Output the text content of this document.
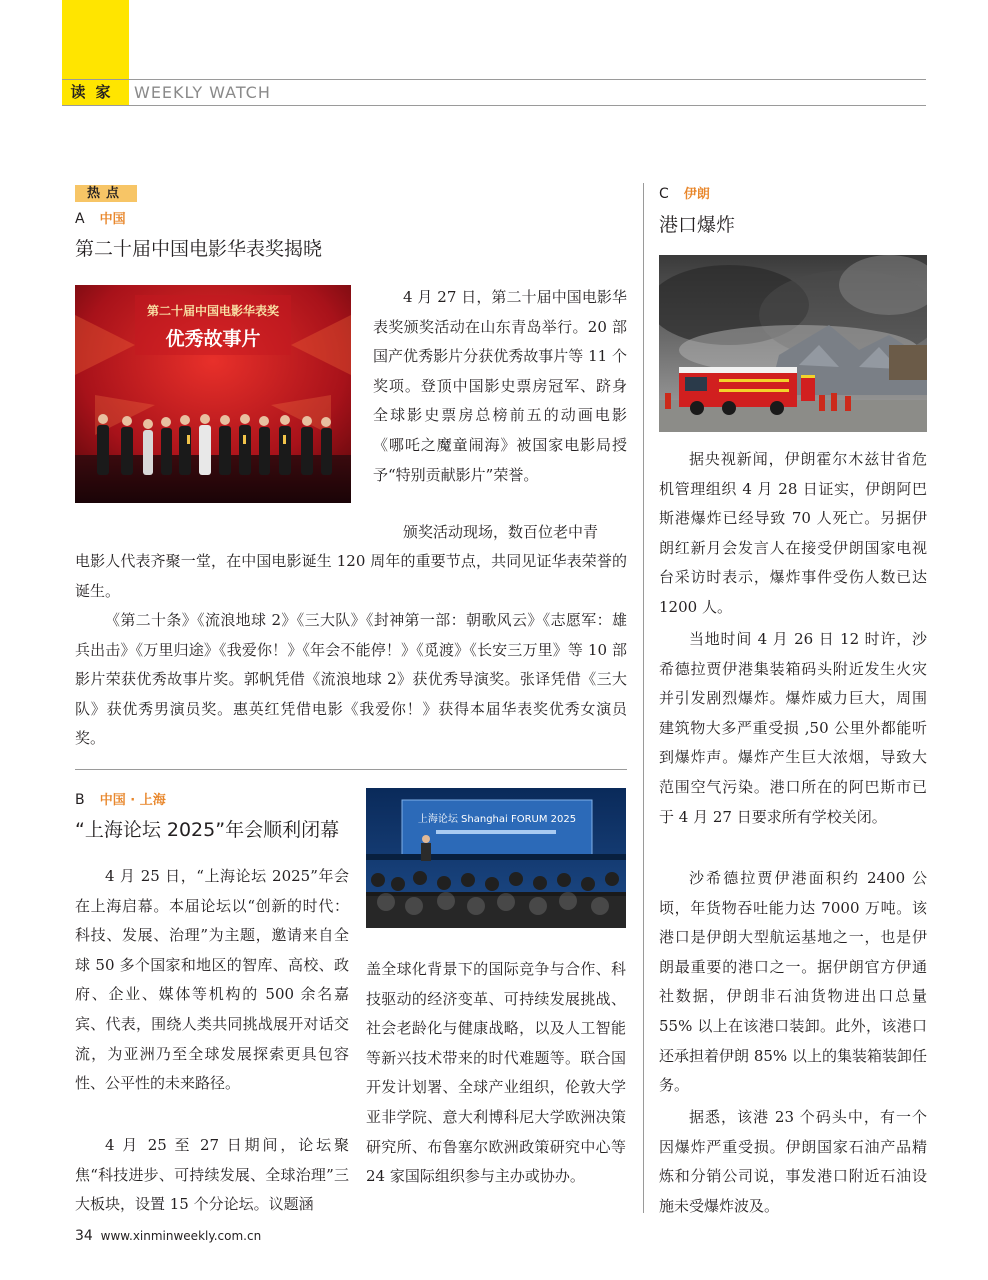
读家 WEEKLY WATCH
热点
A 中国
第二十届中国电影华表奖揭晓
第二十届中国电影华表奖
优秀故事片

4 月 27 日，第二十届中国电影华表奖颁奖活动在山东青岛举行。20 部国产优秀影片分获优秀故事片等 11 个奖项。登顶中国影史票房冠军、跻身全球影史票房总榜前五的动画电影《哪吒之魔童闹海》被国家电影局授予“特别贡献影片”荣誉。

颁奖活动现场，数百位老中青

电影人代表齐聚一堂，在中国电影诞生 120 周年的重要节点，共同见证华表荣誉的诞生。

《第二十条》《流浪地球 2》《三大队》《封神第一部：朝歌风云》《志愿军：雄兵出击》《万里归途》《我爱你！》《年会不能停！》《觅渡》《长安三万里》等 10 部影片荣获优秀故事片奖。郭帆凭借《流浪地球 2》获优秀导演奖。张译凭借《三大队》获优秀男演员奖。惠英红凭借电影《我爱你！》获得本届华表奖优秀女演员奖。

B 中国 · 上海
“上海论坛 2025”年会顺利闭幕	上海论坛 Shanghai FORUM 2025

4 月 25 日，“上海论坛 2025”年会在上海启幕。本届论坛以“创新的时代：科技、发展、治理”为主题，邀请来自全球 50 多个国家和地区的智库、高校、政府、企业、媒体等机构的 500 余名嘉宾、代表，围绕人类共同挑战展开对话交流，为亚洲乃至全球发展探索更具包容性、公平性的未来路径。

4 月 25 至 27 日期间，论坛聚焦“科技进步、可持续发展、全球治理”三大板块，设置 15 个分论坛。议题涵

盖全球化背景下的国际竞争与合作、科技驱动的经济变革、可持续发展挑战、社会老龄化与健康战略，以及人工智能等新兴技术带来的时代难题等。联合国开发计划署、全球产业组织，伦敦大学亚非学院、意大利博科尼大学欧洲决策研究所、布鲁塞尔欧洲政策研究中心等 24 家国际组织参与主办或协办。

C 伊朗
港口爆炸

据央视新闻，伊朗霍尔木兹甘省危机管理组织 4 月 28 日证实，伊朗阿巴斯港爆炸已经导致 70 人死亡。另据伊朗红新月会发言人在接受伊朗国家电视台采访时表示，爆炸事件受伤人数已达 1200 人。

当地时间 4 月 26 日 12 时许，沙希德拉贾伊港集装箱码头附近发生火灾并引发剧烈爆炸。爆炸威力巨大，周围建筑物大多严重受损 ,50 公里外都能听到爆炸声。爆炸产生巨大浓烟，导致大范围空气污染。港口所在的阿巴斯市已于 4 月 27 日要求所有学校关闭。

沙希德拉贾伊港面积约 2400 公顷，年货物吞吐能力达 7000 万吨。该港口是伊朗大型航运基地之一，也是伊朗最重要的港口之一。据伊朗官方伊通社数据，伊朗非石油货物进出口总量 55% 以上在该港口装卸。此外，该港口还承担着伊朗 85% 以上的集装箱装卸任务。

据悉，该港 23 个码头中，有一个因爆炸严重受损。伊朗国家石油产品精炼和分销公司说，事发港口附近石油设施未受爆炸波及。

34 www.xinminweekly.com.cn
